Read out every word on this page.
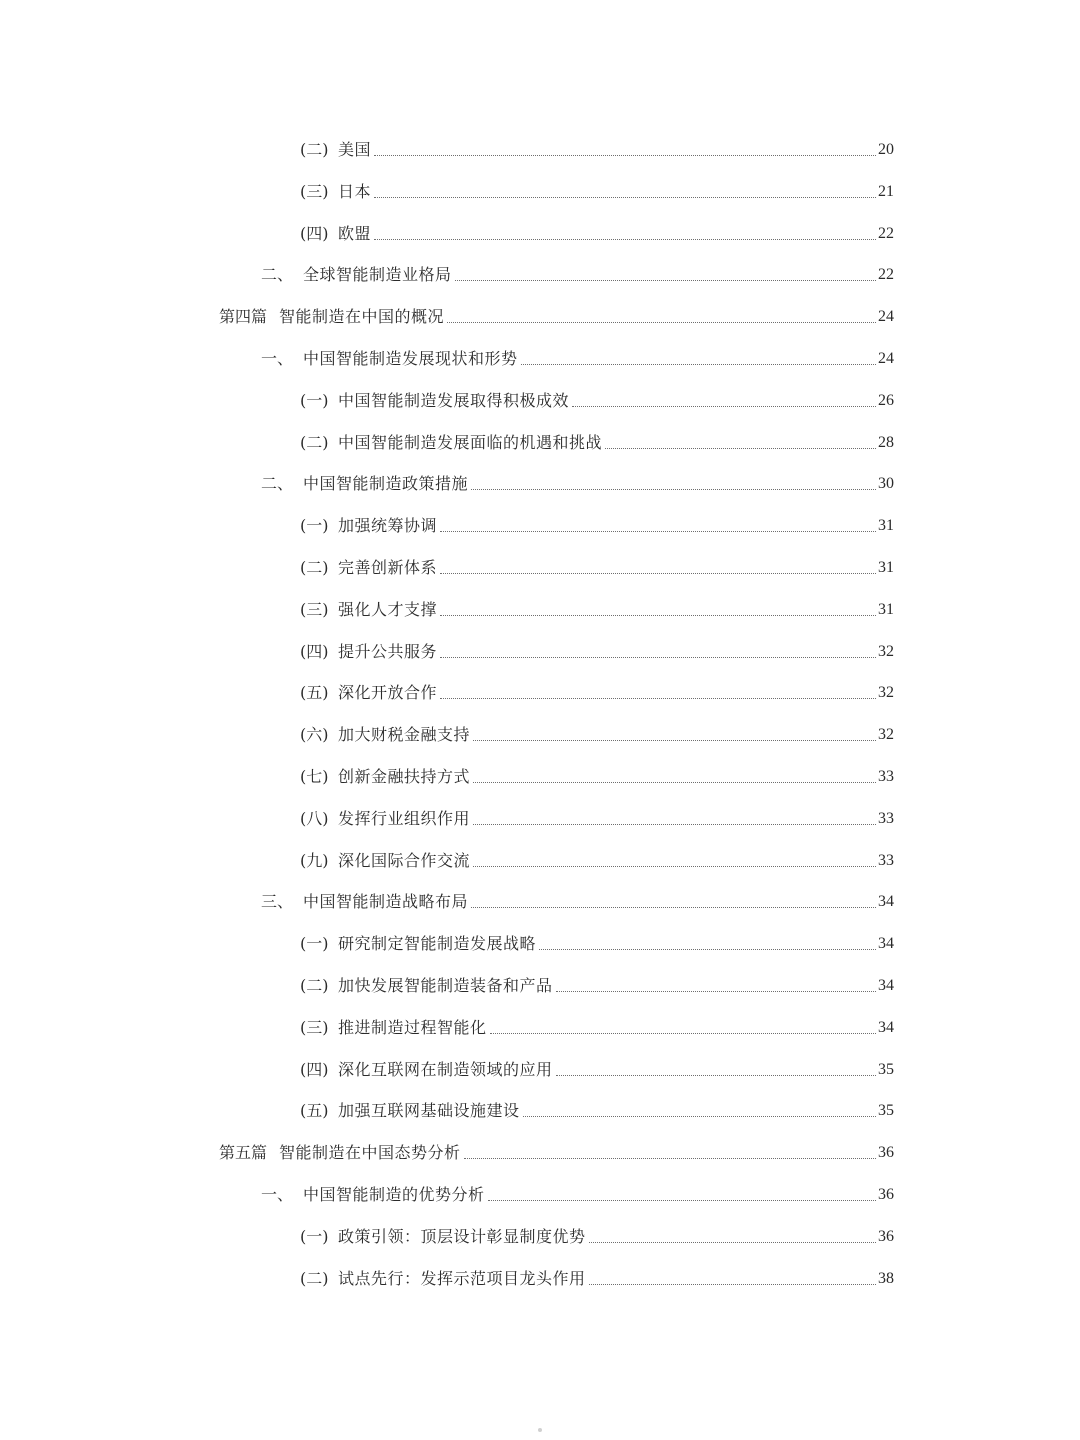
(二) 美国	20
(三) 日本	21
(四) 欧盟	22
二、 全球智能制造业格局	22
第四篇 智能制造在中国的概况	24
一、 中国智能制造发展现状和形势	24
(一) 中国智能制造发展取得积极成效	26
(二) 中国智能制造发展面临的机遇和挑战	28
二、 中国智能制造政策措施	30
(一) 加强统筹协调	31
(二) 完善创新体系	31
(三) 强化人才支撑	31
(四) 提升公共服务	32
(五) 深化开放合作	32
(六) 加大财税金融支持	32
(七) 创新金融扶持方式	33
(八) 发挥行业组织作用	33
(九) 深化国际合作交流	33
三、 中国智能制造战略布局	34
(一) 研究制定智能制造发展战略	34
(二) 加快发展智能制造装备和产品	34
(三) 推进制造过程智能化	34
(四) 深化互联网在制造领域的应用	35
(五) 加强互联网基础设施建设	35
第五篇 智能制造在中国态势分析	36
一、 中国智能制造的优势分析	36
(一) 政策引领：顶层设计彰显制度优势	36
(二) 试点先行：发挥示范项目龙头作用	38
